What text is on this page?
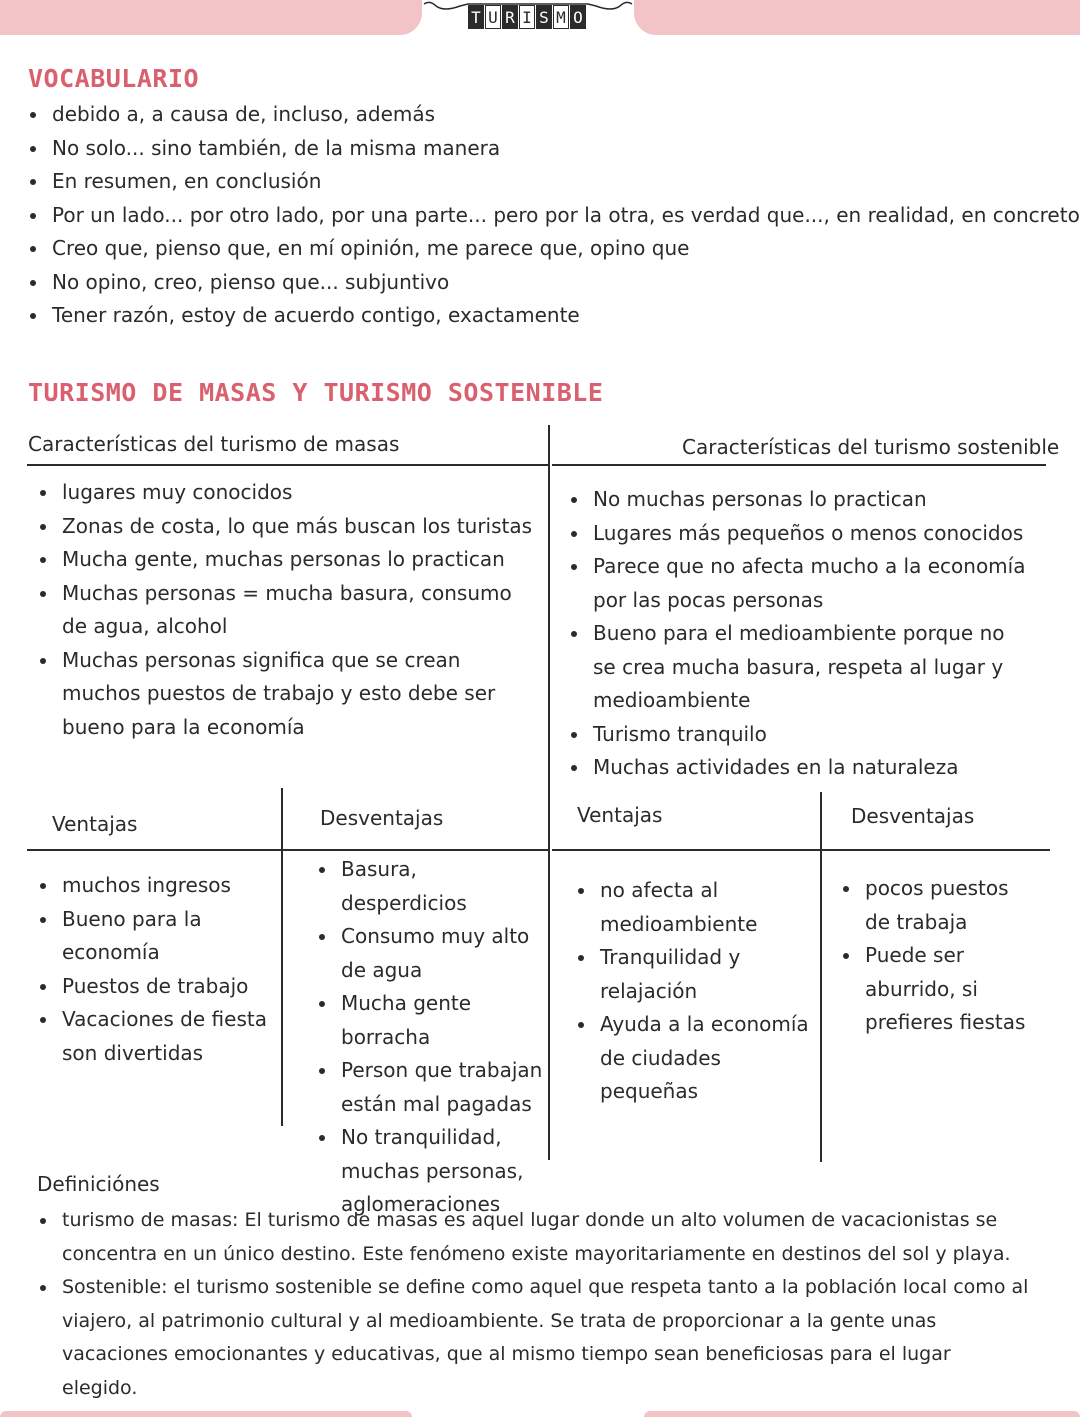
T U R I S M O
VOCABULARIO
debido a, a causa de, incluso, además
No solo... sino también, de la misma manera
En resumen, en conclusión
Por un lado... por otro lado, por una parte... pero por la otra, es verdad que..., en realidad, en concreto
Creo que, pienso que, en mí opinión, me parece que, opino que
No opino, creo, pienso que... subjuntivo
Tener razón, estoy de acuerdo contigo, exactamente
TURISMO DE MASAS Y TURISMO SOSTENIBLE
Características del turismo de masas
lugares muy conocidos
Zonas de costa, lo que más buscan los turistas
Mucha gente, muchas personas lo practican
Muchas personas = mucha basura, consumo de agua, alcohol
Muchas personas significa que se crean muchos puestos de trabajo y esto debe ser bueno para la economía
Características del turismo sostenible
No muchas personas lo practican
Lugares más pequeños o menos conocidos
Parece que no afecta mucho a la economía por las pocas personas
Bueno para el medioambiente porque no se crea mucha basura, respeta al lugar y medioambiente
Turismo tranquilo
Muchas actividades en la naturaleza
Ventajas	Desventajas
muchos ingresos
Bueno para la economía
Puestos de trabajo
Vacaciones de fiesta son divertidas
Basura, desperdicios
Consumo muy alto de agua
Mucha gente borracha
Person que trabajan están mal pagadas
No tranquilidad, muchas personas, aglomeraciones
Ventajas	Desventajas
no afecta al medioambiente
Tranquilidad y relajación
Ayuda a la economía de ciudades pequeñas
pocos puestos de trabaja
Puede ser aburrido, si prefieres fiestas
Definiciónes
turismo de masas: El turismo de masas es aquel lugar donde un alto volumen de vacacionistas se concentra en un único destino. Este fenómeno existe mayoritariamente en destinos del sol y playa.
Sostenible: el turismo sostenible se define como aquel que respeta tanto a la población local como al viajero, al patrimonio cultural y al medioambiente. Se trata de proporcionar a la gente unas vacaciones emocionantes y educativas, que al mismo tiempo sean beneficiosas para el lugar elegido.
